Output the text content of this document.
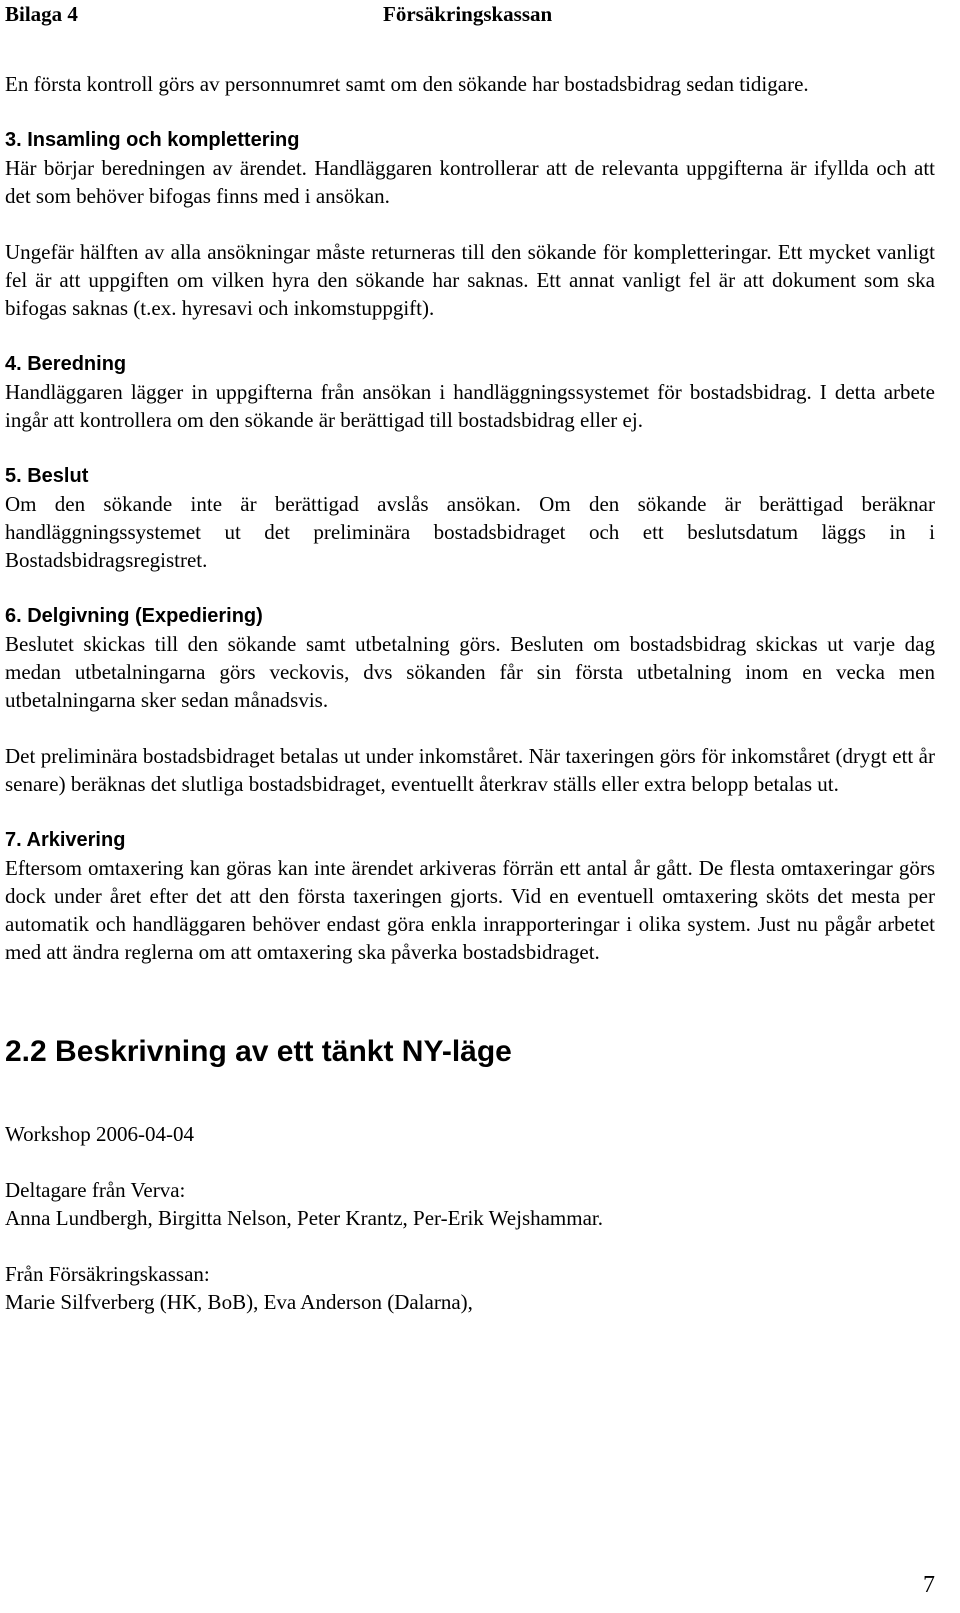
Bilaga 4	Försäkringskassan

En första kontroll görs av personnumret samt om den sökande har bostadsbidrag sedan tidigare.

3. Insamling och komplettering

Här börjar beredningen av ärendet. Handläggaren kontrollerar att de relevanta uppgifterna är ifyllda och att det som behöver bifogas finns med i ansökan.

Ungefär hälften av alla ansökningar måste returneras till den sökande för kompletteringar. Ett mycket vanligt fel är att uppgiften om vilken hyra den sökande har saknas. Ett annat vanligt fel är att dokument som ska bifogas saknas (t.ex. hyresavi och inkomstuppgift).

4. Beredning

Handläggaren lägger in uppgifterna från ansökan i handläggningssystemet för bostadsbidrag. I detta arbete ingår att kontrollera om den sökande är berättigad till bostadsbidrag eller ej.

5. Beslut

Om den sökande inte är berättigad avslås ansökan. Om den sökande är berättigad beräknar handläggningssystemet ut det preliminära bostadsbidraget och ett beslutsdatum läggs in i Bostadsbidragsregistret.

6. Delgivning (Expediering)

Beslutet skickas till den sökande samt utbetalning görs. Besluten om bostadsbidrag skickas ut varje dag medan utbetalningarna görs veckovis, dvs sökanden får sin första utbetalning inom en vecka men utbetalningarna sker sedan månadsvis.

Det preliminära bostadsbidraget betalas ut under inkomståret. När taxeringen görs för inkomståret (drygt ett år senare) beräknas det slutliga bostadsbidraget, eventuellt återkrav ställs eller extra belopp betalas ut.

7. Arkivering

Eftersom omtaxering kan göras kan inte ärendet arkiveras förrän ett antal år gått. De flesta omtaxeringar görs dock under året efter det att den första taxeringen gjorts. Vid en eventuell omtaxering sköts det mesta per automatik och handläggaren behöver endast göra enkla inrapporteringar i olika system. Just nu pågår arbetet med att ändra reglerna om att omtaxering ska påverka bostadsbidraget.

2.2 Beskrivning av ett tänkt NY-läge

Workshop 2006-04-04

Deltagare från Verva:

Anna Lundbergh, Birgitta Nelson, Peter Krantz, Per-Erik Wejshammar.

Från Försäkringskassan:

Marie Silfverberg (HK, BoB), Eva Anderson (Dalarna),

7
